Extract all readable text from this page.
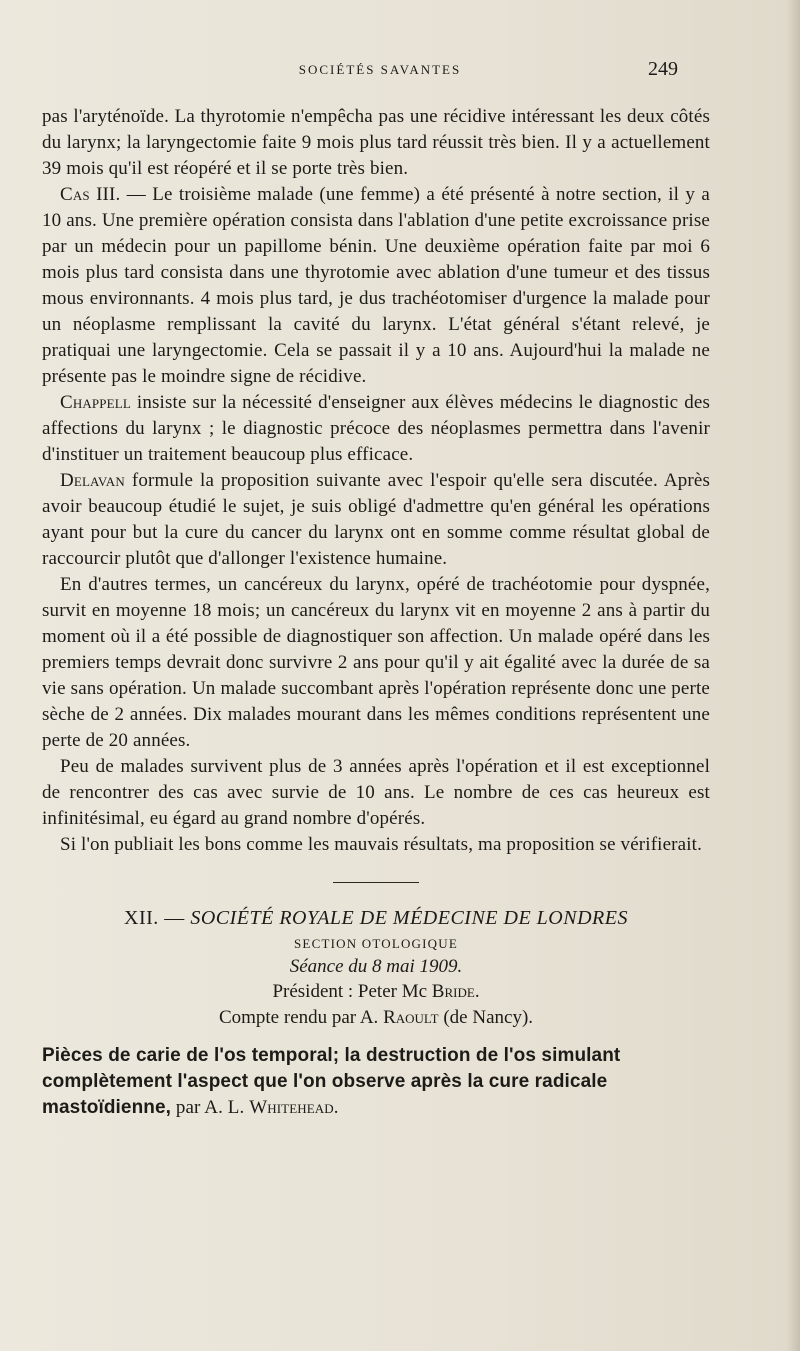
SOCIÉTÉS SAVANTES	249

pas l'aryténoïde. La thyrotomie n'empêcha pas une récidive intéressant les deux côtés du larynx; la laryngectomie faite 9 mois plus tard réussit très bien. Il y a actuellement 39 mois qu'il est réopéré et il se porte très bien.

Cas III. — Le troisième malade (une femme) a été présenté à notre section, il y a 10 ans. Une première opération consista dans l'ablation d'une petite excroissance prise par un médecin pour un papillome bénin. Une deuxième opération faite par moi 6 mois plus tard consista dans une thyrotomie avec ablation d'une tumeur et des tissus mous environnants. 4 mois plus tard, je dus trachéotomiser d'urgence la malade pour un néoplasme remplissant la cavité du larynx. L'état général s'étant relevé, je pratiquai une laryngectomie. Cela se passait il y a 10 ans. Aujourd'hui la malade ne présente pas le moindre signe de récidive.

Chappell insiste sur la nécessité d'enseigner aux élèves médecins le diagnostic des affections du larynx ; le diagnostic précoce des néoplasmes permettra dans l'avenir d'instituer un traitement beaucoup plus efficace.

Delavan formule la proposition suivante avec l'espoir qu'elle sera discutée. Après avoir beaucoup étudié le sujet, je suis obligé d'admettre qu'en général les opérations ayant pour but la cure du cancer du larynx ont en somme comme résultat global de raccourcir plutôt que d'allonger l'existence humaine.

En d'autres termes, un cancéreux du larynx, opéré de trachéotomie pour dyspnée, survit en moyenne 18 mois; un cancéreux du larynx vit en moyenne 2 ans à partir du moment où il a été possible de diagnostiquer son affection. Un malade opéré dans les premiers temps devrait donc survivre 2 ans pour qu'il y ait égalité avec la durée de sa vie sans opération. Un malade succombant après l'opération représente donc une perte sèche de 2 années. Dix malades mourant dans les mêmes conditions représentent une perte de 20 années.

Peu de malades survivent plus de 3 années après l'opération et il est exceptionnel de rencontrer des cas avec survie de 10 ans. Le nombre de ces cas heureux est infinitésimal, eu égard au grand nombre d'opérés.

Si l'on publiait les bons comme les mauvais résultats, ma proposition se vérifierait.

XII. — SOCIÉTÉ ROYALE DE MÉDECINE DE LONDRES
SECTION OTOLOGIQUE
Séance du 8 mai 1909.
Président : Peter Mc Bride.
Compte rendu par A. Raoult (de Nancy).
Pièces de carie de l'os temporal; la destruction de l'os simulant complètement l'aspect que l'on observe après la cure radicale mastoïdienne, par A. L. Whitehead.
